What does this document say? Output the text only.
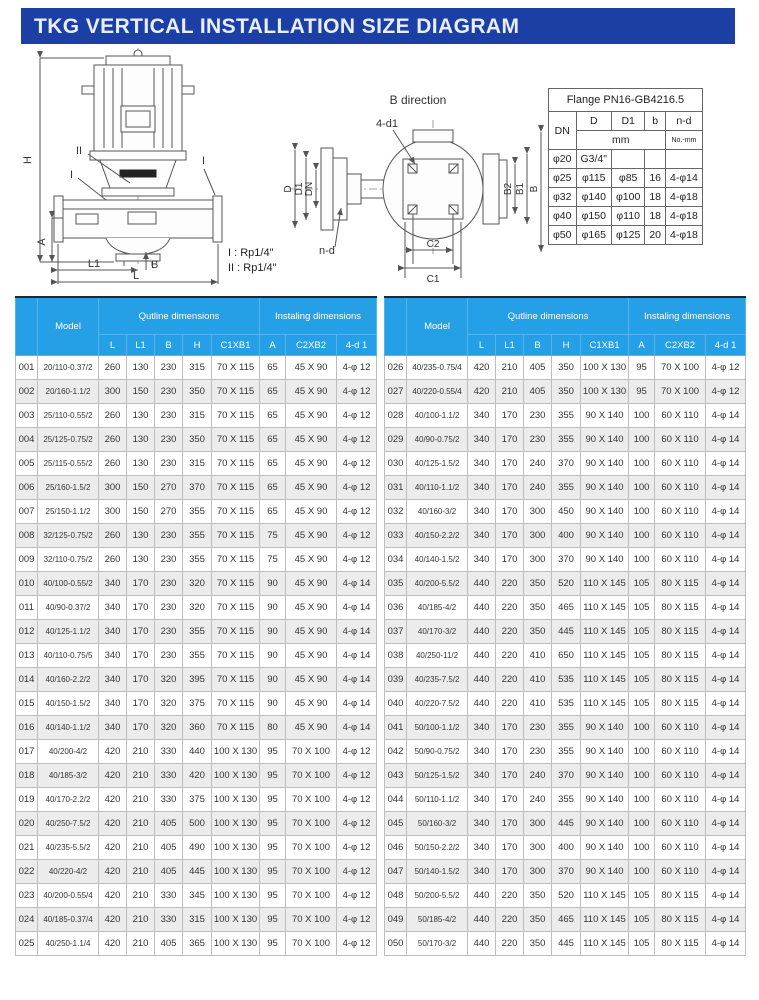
TKG VERTICAL INSTALLATION SIZE DIAGRAM
H
A
II
I
I
L1
L
B
I : Rp1/4"
II : Rp1/4"
B direction
D D1 DN
4-d1
n-d
B2 B1 B
C2
C1
Flange PN16-GB4216.5				
DN	D	D1	b	n-d
	mm			No.-mm
φ20	G3/4"			
φ25	φ115	φ85	16	4-φ14
φ32	φ140	φ100	18	4-φ18
φ40	φ150	φ110	18	4-φ18
φ50	φ165	φ125	20	4-φ18
	Model	Qutline dimensions					Instaling dimensions		
		L	L1	B	H	C1XB1	A	C2XB2	4-d 1
001	20/110-0.37/2	260	130	230	315	70 X 115	65	45 X 90	4-φ 12
002	20/160-1.1/2	300	150	230	350	70 X 115	65	45 X 90	4-φ 12
003	25/110-0.55/2	260	130	230	315	70 X 115	65	45 X 90	4-φ 12
004	25/125-0.75/2	260	130	230	350	70 X 115	65	45 X 90	4-φ 12
005	25/115-0.55/2	260	130	230	315	70 X 115	65	45 X 90	4-φ 12
006	25/160-1.5/2	300	150	270	370	70 X 115	65	45 X 90	4-φ 12
007	25/150-1.1/2	300	150	270	355	70 X 115	65	45 X 90	4-φ 12
008	32/125-0.75/2	260	130	230	355	70 X 115	75	45 X 90	4-φ 12
009	32/110-0.75/2	260	130	230	355	70 X 115	75	45 X 90	4-φ 12
010	40/100-0.55/2	340	170	230	320	70 X 115	90	45 X 90	4-φ 14
011	40/90-0.37/2	340	170	230	320	70 X 115	90	45 X 90	4-φ 14
012	40/125-1.1/2	340	170	230	355	70 X 115	90	45 X 90	4-φ 14
013	40/110-0.75/5	340	170	230	355	70 X 115	90	45 X 90	4-φ 14
014	40/160-2.2/2	340	170	320	395	70 X 115	90	45 X 90	4-φ 14
015	40/150-1.5/2	340	170	320	375	70 X 115	90	45 X 90	4-φ 14
016	40/140-1.1/2	340	170	320	360	70 X 115	80	45 X 90	4-φ 14
017	40/200-4/2	420	210	330	440	100 X 130	95	70 X 100	4-φ 12
018	40/185-3/2	420	210	330	420	100 X 130	95	70 X 100	4-φ 12
019	40/170-2.2/2	420	210	330	375	100 X 130	95	70 X 100	4-φ 12
020	40/250-7.5/2	420	210	405	500	100 X 130	95	70 X 100	4-φ 12
021	40/235-5.5/2	420	210	405	490	100 X 130	95	70 X 100	4-φ 12
022	40/220-4/2	420	210	405	445	100 X 130	95	70 X 100	4-φ 12
023	40/200-0.55/4	420	210	330	345	100 X 130	95	70 X 100	4-φ 12
024	40/185-0.37/4	420	210	330	315	100 X 130	95	70 X 100	4-φ 12
025	40/250-1.1/4	420	210	405	365	100 X 130	95	70 X 100	4-φ 12
	Model	Qutline dimensions					Instaling dimensions		
		L	L1	B	H	C1XB1	A	C2XB2	4-d 1
026	40/235-0.75/4	420	210	405	350	100 X 130	95	70 X 100	4-φ 12
027	40/220-0.55/4	420	210	405	350	100 X 130	95	70 X 100	4-φ 12
028	40/100-1.1/2	340	170	230	355	90 X 140	100	60 X 110	4-φ 14
029	40/90-0.75/2	340	170	230	355	90 X 140	100	60 X 110	4-φ 14
030	40/125-1.5/2	340	170	240	370	90 X 140	100	60 X 110	4-φ 14
031	40/110-1.1/2	340	170	240	355	90 X 140	100	60 X 110	4-φ 14
032	40/160-3/2	340	170	300	450	90 X 140	100	60 X 110	4-φ 14
033	40/150-2.2/2	340	170	300	400	90 X 140	100	60 X 110	4-φ 14
034	40/140-1.5/2	340	170	300	370	90 X 140	100	60 X 110	4-φ 14
035	40/200-5.5/2	440	220	350	520	110 X 145	105	80 X 115	4-φ 14
036	40/185-4/2	440	220	350	465	110 X 145	105	80 X 115	4-φ 14
037	40/170-3/2	440	220	350	445	110 X 145	105	80 X 115	4-φ 14
038	40/250-11/2	440	220	410	650	110 X 145	105	80 X 115	4-φ 14
039	40/235-7.5/2	440	220	410	535	110 X 145	105	80 X 115	4-φ 14
040	40/220-7.5/2	440	220	410	535	110 X 145	105	80 X 115	4-φ 14
041	50/100-1.1/2	340	170	230	355	90 X 140	100	60 X 110	4-φ 14
042	50/90-0.75/2	340	170	230	355	90 X 140	100	60 X 110	4-φ 14
043	50/125-1.5/2	340	170	240	370	90 X 140	100	60 X 110	4-φ 14
044	50/110-1.1/2	340	170	240	355	90 X 140	100	60 X 110	4-φ 14
045	50/160-3/2	340	170	300	445	90 X 140	100	60 X 110	4-φ 14
046	50/150-2.2/2	340	170	300	400	90 X 140	100	60 X 110	4-φ 14
047	50/140-1.5/2	340	170	300	370	90 X 140	100	60 X 110	4-φ 14
048	50/200-5.5/2	440	220	350	520	110 X 145	105	80 X 115	4-φ 14
049	50/185-4/2	440	220	350	465	110 X 145	105	80 X 115	4-φ 14
050	50/170-3/2	440	220	350	445	110 X 145	105	80 X 115	4-φ 14
